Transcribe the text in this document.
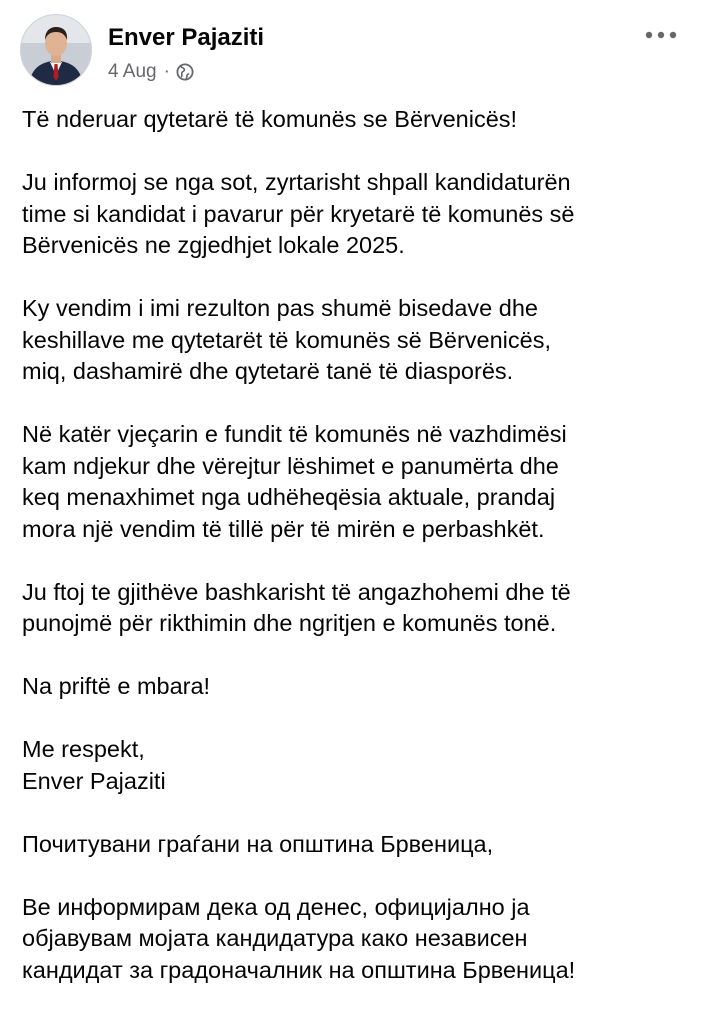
Enver Pajaziti
4 Aug ·

Të nderuar qytetarë të komunës se Bërvenicës!

Ju informoj se nga sot, zyrtarisht shpall kandidaturën
time si kandidat i pavarur për kryetarë të komunës së
Bërvenicës ne zgjedhjet lokale 2025.

Ky vendim i imi rezulton pas shumë bisedave dhe
keshillave me qytetarët të komunës së Bërvenicës,
miq, dashamirë dhe qytetarë tanë të diasporës.

Në katër vjeçarin e fundit të komunës në vazhdimësi
kam ndjekur dhe vërejtur lëshimet e panumërta dhe
keq menaxhimet nga udhëheqësia aktuale, prandaj
mora një vendim të tillë për të mirën e perbashkët.

Ju ftoj te gjithëve bashkarisht të angazhohemi dhe të
punojmë për rikthimin dhe ngritjen e komunës tonë.

Na priftë e mbara!

Me respekt,
Enver Pajaziti

Почитувани граѓани на општина Брвеница,

Ве информирам дека од денес, официјално ја
објавувам мојата кандидатура како независен
кандидат за градоначалник на општина Брвеница!
